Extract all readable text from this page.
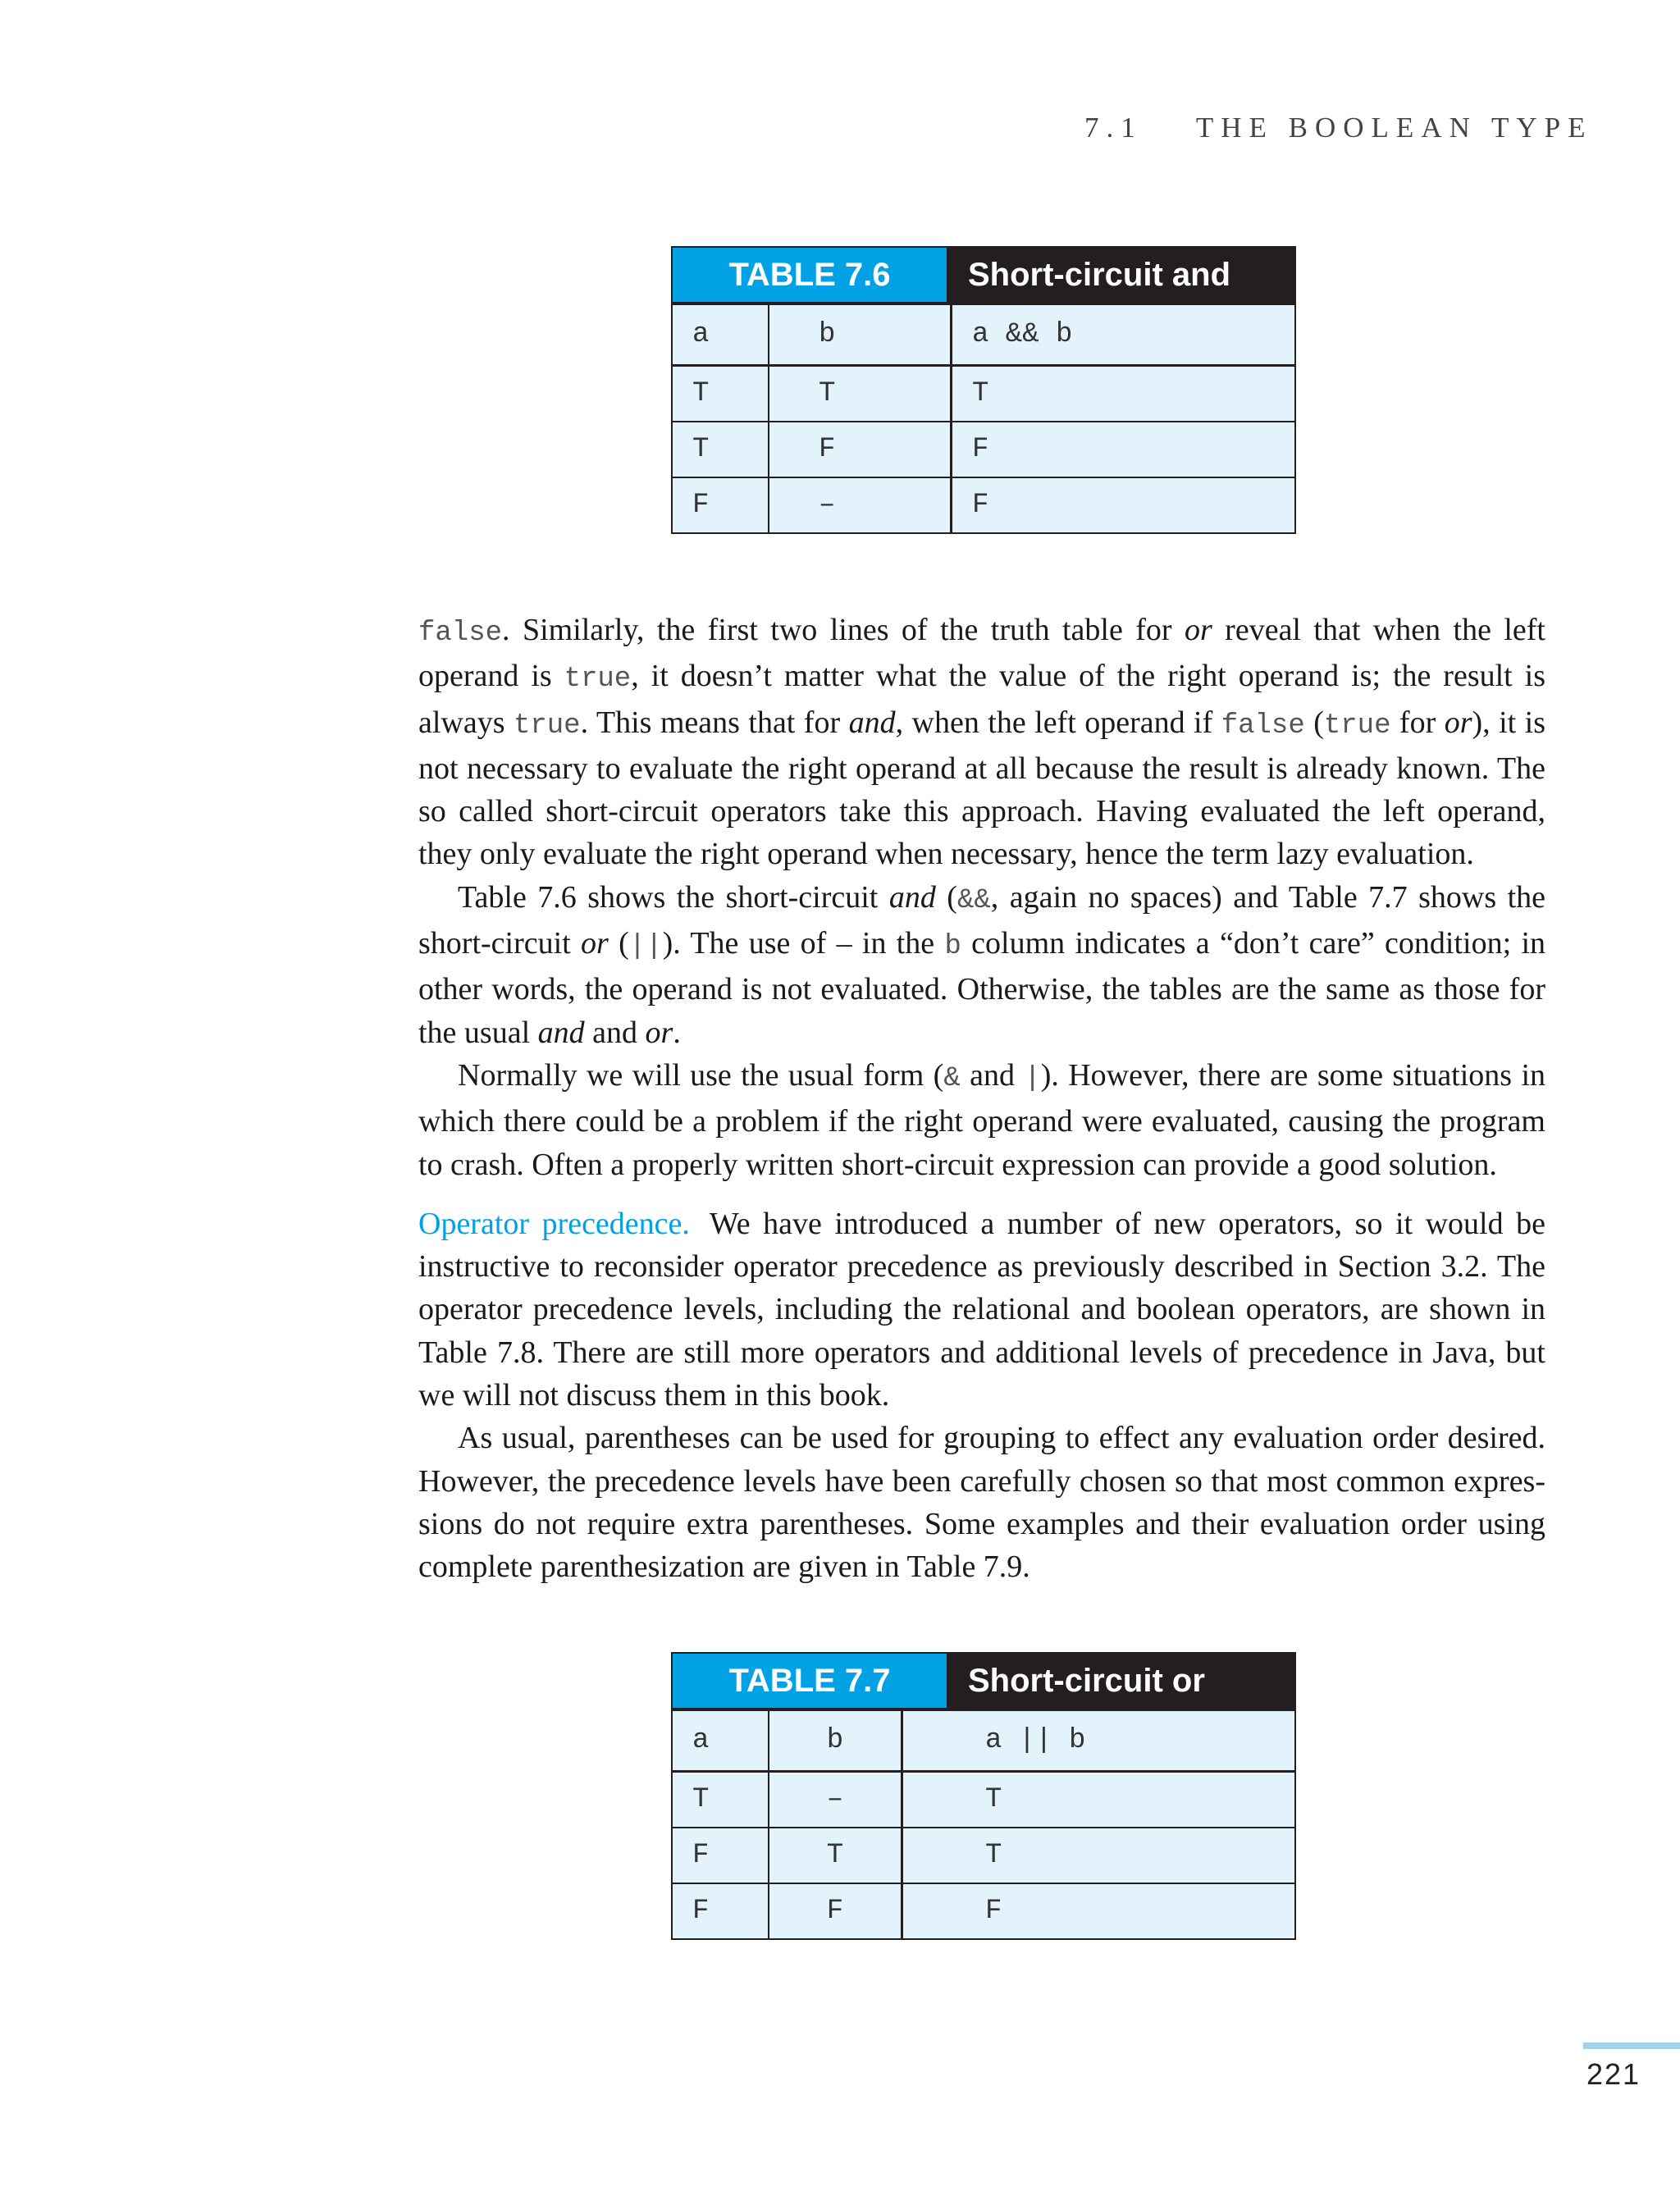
7.1 THE BOOLEAN TYPE
TABLE 7.6	Short-circuit and
a	b	a && b
T	T	T
T	F	F
F	–	F

false. Similarly, the first two lines of the truth table for or reveal that when the left operand is true, it doesn’t matter what the value of the right operand is; the result is always true. This means that for and, when the left operand if false (true for or), it is not necessary to evaluate the right operand at all because the result is already known. The so called short-circuit operators take this approach. Having evaluated the left operand, they only evaluate the right operand when necessary, hence the term lazy evaluation.

Table 7.6 shows the short-circuit and (&&, again no spaces) and Table 7.7 shows the short-circuit or (||). The use of – in the b column indicates a “don’t care” condition; in other words, the operand is not evaluated. Otherwise, the tables are the same as those for the usual and and or.

Normally we will use the usual form (& and |). However, there are some situations in which there could be a problem if the right operand were evaluated, causing the program to crash. Often a properly written short-circuit expression can provide a good solution.

Operator precedence. We have introduced a number of new operators, so it would be instructive to reconsider operator precedence as previously described in Section 3.2. The operator precedence levels, including the relational and boolean operators, are shown in Table 7.8. There are still more operators and additional levels of precedence in Java, but we will not discuss them in this book.

As usual, parentheses can be used for grouping to effect any evaluation order desired. However, the precedence levels have been carefully chosen so that most common expres-sions do not require extra parentheses. Some examples and their evaluation order using complete parenthesization are given in Table 7.9.

TABLE 7.7	Short-circuit or
a	b	a || b
T	–	T
F	T	T
F	F	F
221
